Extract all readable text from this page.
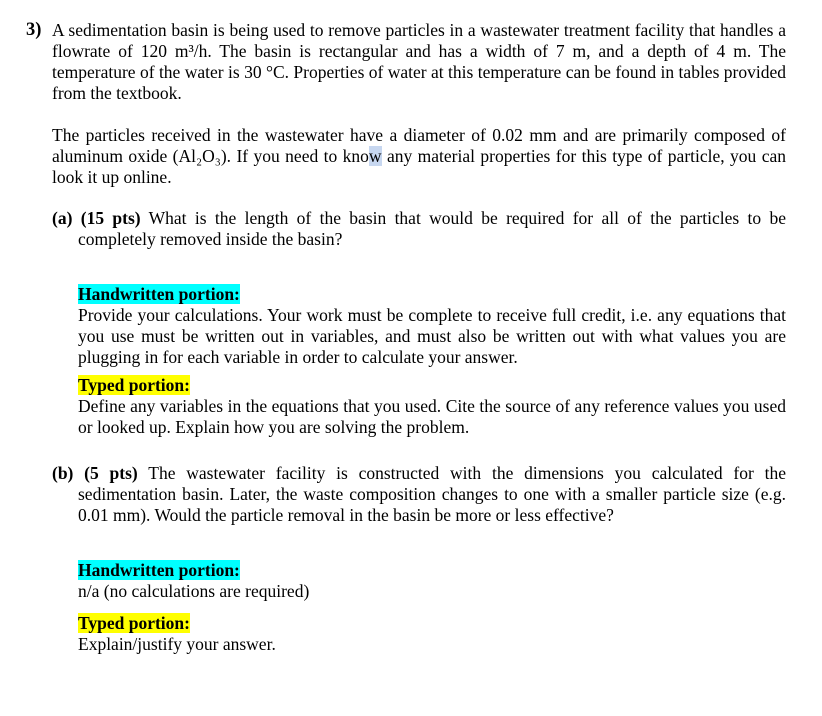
3) A sedimentation basin is being used to remove particles in a wastewater treatment facility that handles a flowrate of 120 m³/h. The basin is rectangular and has a width of 7 m, and a depth of 4 m. The temperature of the water is 30 °C. Properties of water at this temperature can be found in tables provided from the textbook.

The particles received in the wastewater have a diameter of 0.02 mm and are primarily composed of aluminum oxide (Al₂O₃). If you need to know any material properties for this type of particle, you can look it up online.

(a) (15 pts) What is the length of the basin that would be required for all of the particles to be completely removed inside the basin?
Handwritten portion:
Provide your calculations. Your work must be complete to receive full credit, i.e. any equations that you use must be written out in variables, and must also be written out with what values you are plugging in for each variable in order to calculate your answer.
Typed portion:
Define any variables in the equations that you used. Cite the source of any reference values you used or looked up. Explain how you are solving the problem.
(b) (5 pts) The wastewater facility is constructed with the dimensions you calculated for the sedimentation basin. Later, the waste composition changes to one with a smaller particle size (e.g. 0.01 mm). Would the particle removal in the basin be more or less effective?
Handwritten portion:
n/a (no calculations are required)
Typed portion:
Explain/justify your answer.
